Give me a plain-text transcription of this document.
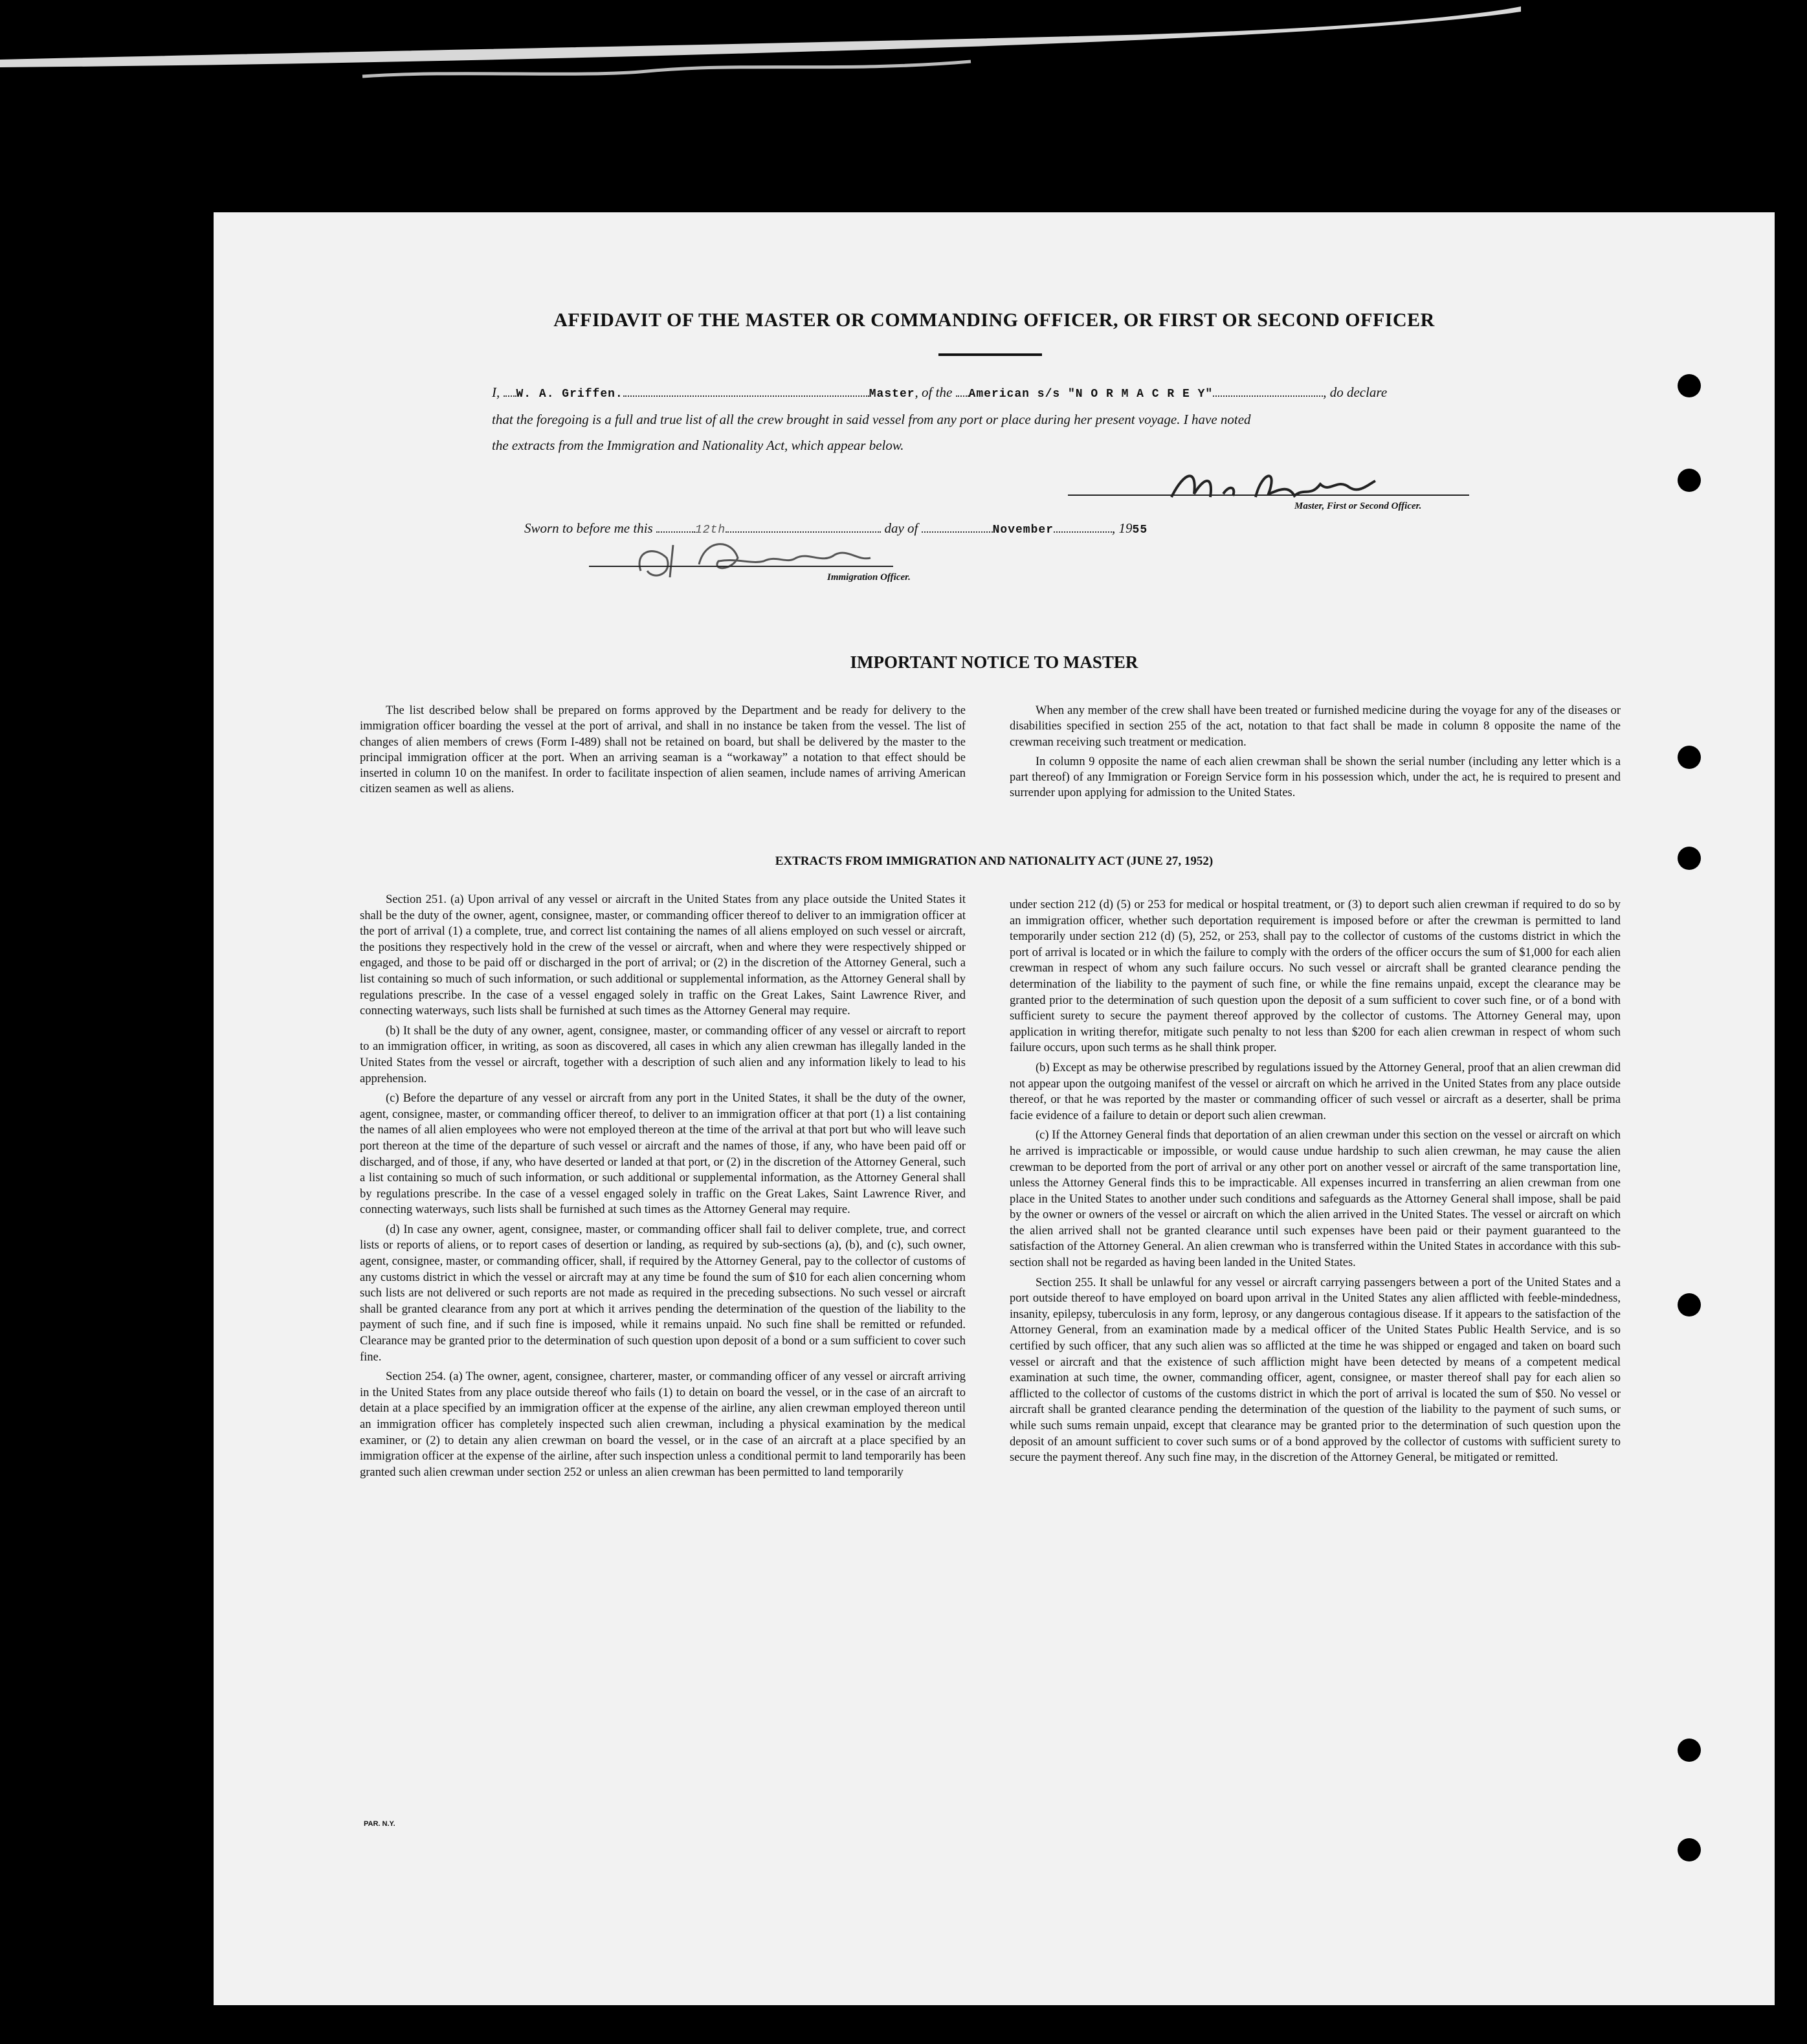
AFFIDAVIT OF THE MASTER OR COMMANDING OFFICER, OR FIRST OR SECOND OFFICER
I, W. A. Griffen.	Master, of the American s/s "N O R M A C R E Y"	, do declare
that the foregoing is a full and true list of all the crew brought in said vessel from any port or place during her present voyage. I have noted
the extracts from the Immigration and Nationality Act, which appear below.
Master, First or Second Officer.
Sworn to before me this	12th	day of	November	, 1955
Immigration Officer.
IMPORTANT NOTICE TO MASTER

The list described below shall be prepared on forms approved by the Department and be ready for delivery to the immigration officer boarding the vessel at the port of arrival, and shall in no instance be taken from the vessel. The list of changes of alien members of crews (Form I-489) shall not be retained on board, but shall be delivered by the master to the principal immigration officer at the port. When an arriving seaman is a “workaway” a notation to that effect should be inserted in column 10 on the manifest. In order to facilitate inspection of alien seamen, include names of arriving American citizen seamen as well as aliens.

When any member of the crew shall have been treated or furnished medicine during the voyage for any of the diseases or disabilities specified in section 255 of the act, notation to that fact shall be made in column 8 opposite the name of the crewman receiving such treatment or medication.

In column 9 opposite the name of each alien crewman shall be shown the serial number (including any letter which is a part thereof) of any Immigration or Foreign Service form in his possession which, under the act, he is required to present and surrender upon applying for admission to the United States.

EXTRACTS FROM IMMIGRATION AND NATIONALITY ACT (JUNE 27, 1952)

Section 251. (a) Upon arrival of any vessel or aircraft in the United States from any place outside the United States it shall be the duty of the owner, agent, consignee, master, or commanding officer thereof to deliver to an immigration officer at the port of arrival (1) a complete, true, and correct list containing the names of all aliens employed on such vessel or aircraft, the positions they respectively hold in the crew of the vessel or aircraft, when and where they were respectively shipped or engaged, and those to be paid off or discharged in the port of arrival; or (2) in the discretion of the Attorney General, such a list containing so much of such information, or such additional or supplemental information, as the Attorney General shall by regulations prescribe. In the case of a vessel engaged solely in traffic on the Great Lakes, Saint Lawrence River, and connecting waterways, such lists shall be furnished at such times as the Attorney General may require.

(b) It shall be the duty of any owner, agent, consignee, master, or commanding officer of any vessel or aircraft to report to an immigration officer, in writing, as soon as discovered, all cases in which any alien crewman has illegally landed in the United States from the vessel or aircraft, together with a description of such alien and any information likely to lead to his apprehension.

(c) Before the departure of any vessel or aircraft from any port in the United States, it shall be the duty of the owner, agent, consignee, master, or commanding officer thereof, to deliver to an immigration officer at that port (1) a list containing the names of all alien employees who were not employed thereon at the time of the arrival at that port but who will leave such port thereon at the time of the departure of such vessel or aircraft and the names of those, if any, who have been paid off or discharged, and of those, if any, who have deserted or landed at that port, or (2) in the discretion of the Attorney General, such a list containing so much of such information, or such additional or supplemental information, as the Attorney General shall by regulations prescribe. In the case of a vessel engaged solely in traffic on the Great Lakes, Saint Lawrence River, and connecting waterways, such lists shall be furnished at such times as the Attorney General may require.

(d) In case any owner, agent, consignee, master, or commanding officer shall fail to deliver complete, true, and correct lists or reports of aliens, or to report cases of desertion or landing, as required by sub-sections (a), (b), and (c), such owner, agent, consignee, master, or commanding officer, shall, if required by the Attorney General, pay to the collector of customs of any customs district in which the vessel or aircraft may at any time be found the sum of $10 for each alien concerning whom such lists are not delivered or such reports are not made as required in the preceding subsections. No such vessel or aircraft shall be granted clearance from any port at which it arrives pending the determination of the question of the liability to the payment of such fine, and if such fine is imposed, while it remains unpaid. No such fine shall be remitted or refunded. Clearance may be granted prior to the determination of such question upon deposit of a bond or a sum sufficient to cover such fine.

Section 254. (a) The owner, agent, consignee, charterer, master, or commanding officer of any vessel or aircraft arriving in the United States from any place outside thereof who fails (1) to detain on board the vessel, or in the case of an aircraft to detain at a place specified by an immigration officer at the expense of the airline, any alien crewman employed thereon until an immigration officer has completely inspected such alien crewman, including a physical examination by the medical examiner, or (2) to detain any alien crewman on board the vessel, or in the case of an aircraft at a place specified by an immigration officer at the expense of the airline, after such inspection unless a conditional permit to land temporarily has been granted such alien crewman under section 252 or unless an alien crewman has been permitted to land temporarily

under section 212 (d) (5) or 253 for medical or hospital treatment, or (3) to deport such alien crewman if required to do so by an immigration officer, whether such deportation requirement is imposed before or after the crewman is permitted to land temporarily under section 212 (d) (5), 252, or 253, shall pay to the collector of customs of the customs district in which the port of arrival is located or in which the failure to comply with the orders of the officer occurs the sum of $1,000 for each alien crewman in respect of whom any such failure occurs. No such vessel or aircraft shall be granted clearance pending the determination of the liability to the payment of such fine, or while the fine remains unpaid, except the clearance may be granted prior to the determination of such question upon the deposit of a sum sufficient to cover such fine, or of a bond with sufficient surety to secure the payment thereof approved by the collector of customs. The Attorney General may, upon application in writing therefor, mitigate such penalty to not less than $200 for each alien crewman in respect of whom such failure occurs, upon such terms as he shall think proper.

(b) Except as may be otherwise prescribed by regulations issued by the Attorney General, proof that an alien crewman did not appear upon the outgoing manifest of the vessel or aircraft on which he arrived in the United States from any place outside thereof, or that he was reported by the master or commanding officer of such vessel or aircraft as a deserter, shall be prima facie evidence of a failure to detain or deport such alien crewman.

(c) If the Attorney General finds that deportation of an alien crewman under this section on the vessel or aircraft on which he arrived is impracticable or impossible, or would cause undue hardship to such alien crewman, he may cause the alien crewman to be deported from the port of arrival or any other port on another vessel or aircraft of the same transportation line, unless the Attorney General finds this to be impracticable. All expenses incurred in transferring an alien crewman from one place in the United States to another under such conditions and safeguards as the Attorney General shall impose, shall be paid by the owner or owners of the vessel or aircraft on which the alien arrived in the United States. The vessel or aircraft on which the alien arrived shall not be granted clearance until such expenses have been paid or their payment guaranteed to the satisfaction of the Attorney General. An alien crewman who is transferred within the United States in accordance with this sub-section shall not be regarded as having been landed in the United States.

Section 255. It shall be unlawful for any vessel or aircraft carrying passengers between a port of the United States and a port outside thereof to have employed on board upon arrival in the United States any alien afflicted with feeble-mindedness, insanity, epilepsy, tuberculosis in any form, leprosy, or any dangerous contagious disease. If it appears to the satisfaction of the Attorney General, from an examination made by a medical officer of the United States Public Health Service, and is so certified by such officer, that any such alien was so afflicted at the time he was shipped or engaged and taken on board such vessel or aircraft and that the existence of such affliction might have been detected by means of a competent medical examination at such time, the owner, commanding officer, agent, consignee, or master thereof shall pay for each alien so afflicted to the collector of customs of the customs district in which the port of arrival is located the sum of $50. No vessel or aircraft shall be granted clearance pending the determination of the question of the liability to the payment of such sums, or while such sums remain unpaid, except that clearance may be granted prior to the determination of such question upon the deposit of an amount sufficient to cover such sums or of a bond approved by the collector of customs with sufficient surety to secure the payment thereof. Any such fine may, in the discretion of the Attorney General, be mitigated or remitted.

PAR. N.Y.
